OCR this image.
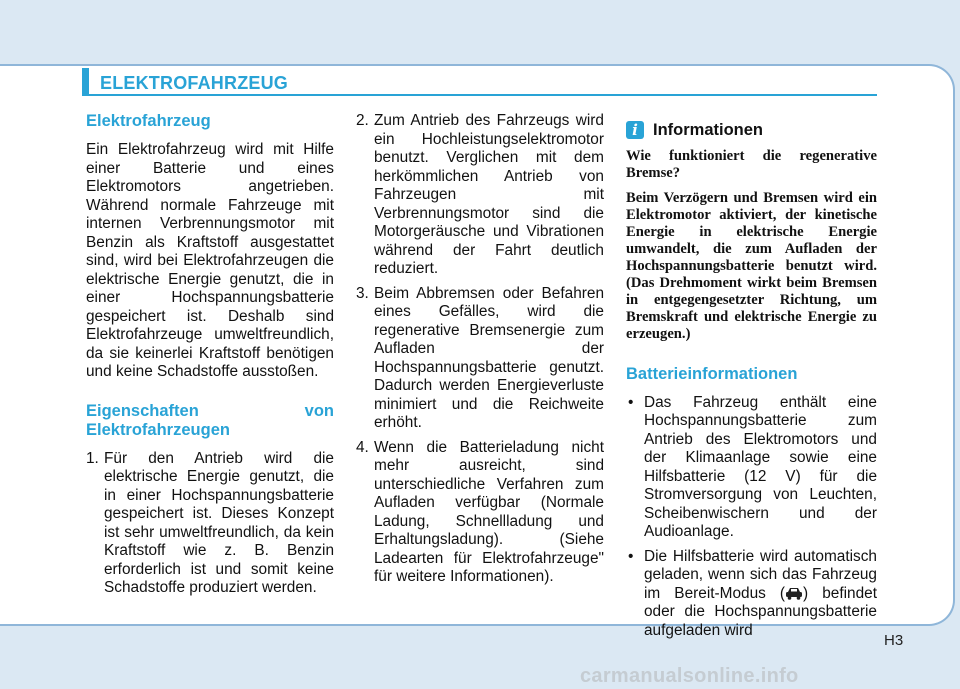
ELEKTROFAHRZEUG
Elektrofahrzeug

Ein Elektrofahrzeug wird mit Hilfe einer Batterie und eines Elektromotors angetrieben. Während normale Fahrzeuge mit internen Verbrennungsmotor mit Benzin als Kraftstoff ausgestattet sind, wird bei Elektrofahrzeugen die elektrische Energie genutzt, die in einer Hochspannungsbatterie gespeichert ist. Deshalb sind Elektrofahrzeuge umweltfreundlich, da sie keinerlei Kraftstoff benötigen und keine Schadstoffe ausstoßen.

Eigenschaften von Elektrofahrzeugen
1. Für den Antrieb wird die elektrische Energie genutzt, die in einer Hochspannungsbatterie gespeichert ist. Dieses Konzept ist sehr umweltfreundlich, da kein Kraftstoff wie z. B. Benzin erforderlich ist und somit keine Schadstoffe produziert werden.
2. Zum Antrieb des Fahrzeugs wird ein Hochleistungselektromotor benutzt. Verglichen mit dem herkömmlichen Antrieb von Fahrzeugen mit Verbrennungsmotor sind die Motorgeräusche und Vibrationen während der Fahrt deutlich reduziert.
3. Beim Abbremsen oder Befahren eines Gefälles, wird die regenerative Bremsenergie zum Aufladen der Hochspannungsbatterie genutzt. Dadurch werden Energieverluste minimiert und die Reichweite erhöht.
4. Wenn die Batterieladung nicht mehr ausreicht, sind unterschiedliche Verfahren zum Aufladen verfügbar (Normale Ladung, Schnellladung und Erhaltungsladung). (Siehe Ladearten für Elektrofahrzeuge" für weitere Informationen).
i Informationen

Wie funktioniert die regenerative Bremse?

Beim Verzögern und Bremsen wird ein Elektromotor aktiviert, der kinetische Energie in elektrische Energie umwandelt, die zum Aufladen der Hochspannungsbatterie benutzt wird. (Das Drehmoment wirkt beim Bremsen in entgegengesetzter Richtung, um Bremskraft und elektrische Energie zu erzeugen.)

Batterieinformationen
• Das Fahrzeug enthält eine Hochspannungsbatterie zum Antrieb des Elektromotors und der Klimaanlage sowie eine Hilfsbatterie (12 V) für die Stromversorgung von Leuchten, Scheibenwischern und der Audioanlage.
• Die Hilfsbatterie wird automatisch geladen, wenn sich das Fahrzeug im Bereit-Modus ( ) befindet oder die Hochspannungsbatterie aufgeladen wird
H3
carmanualsonline.info
